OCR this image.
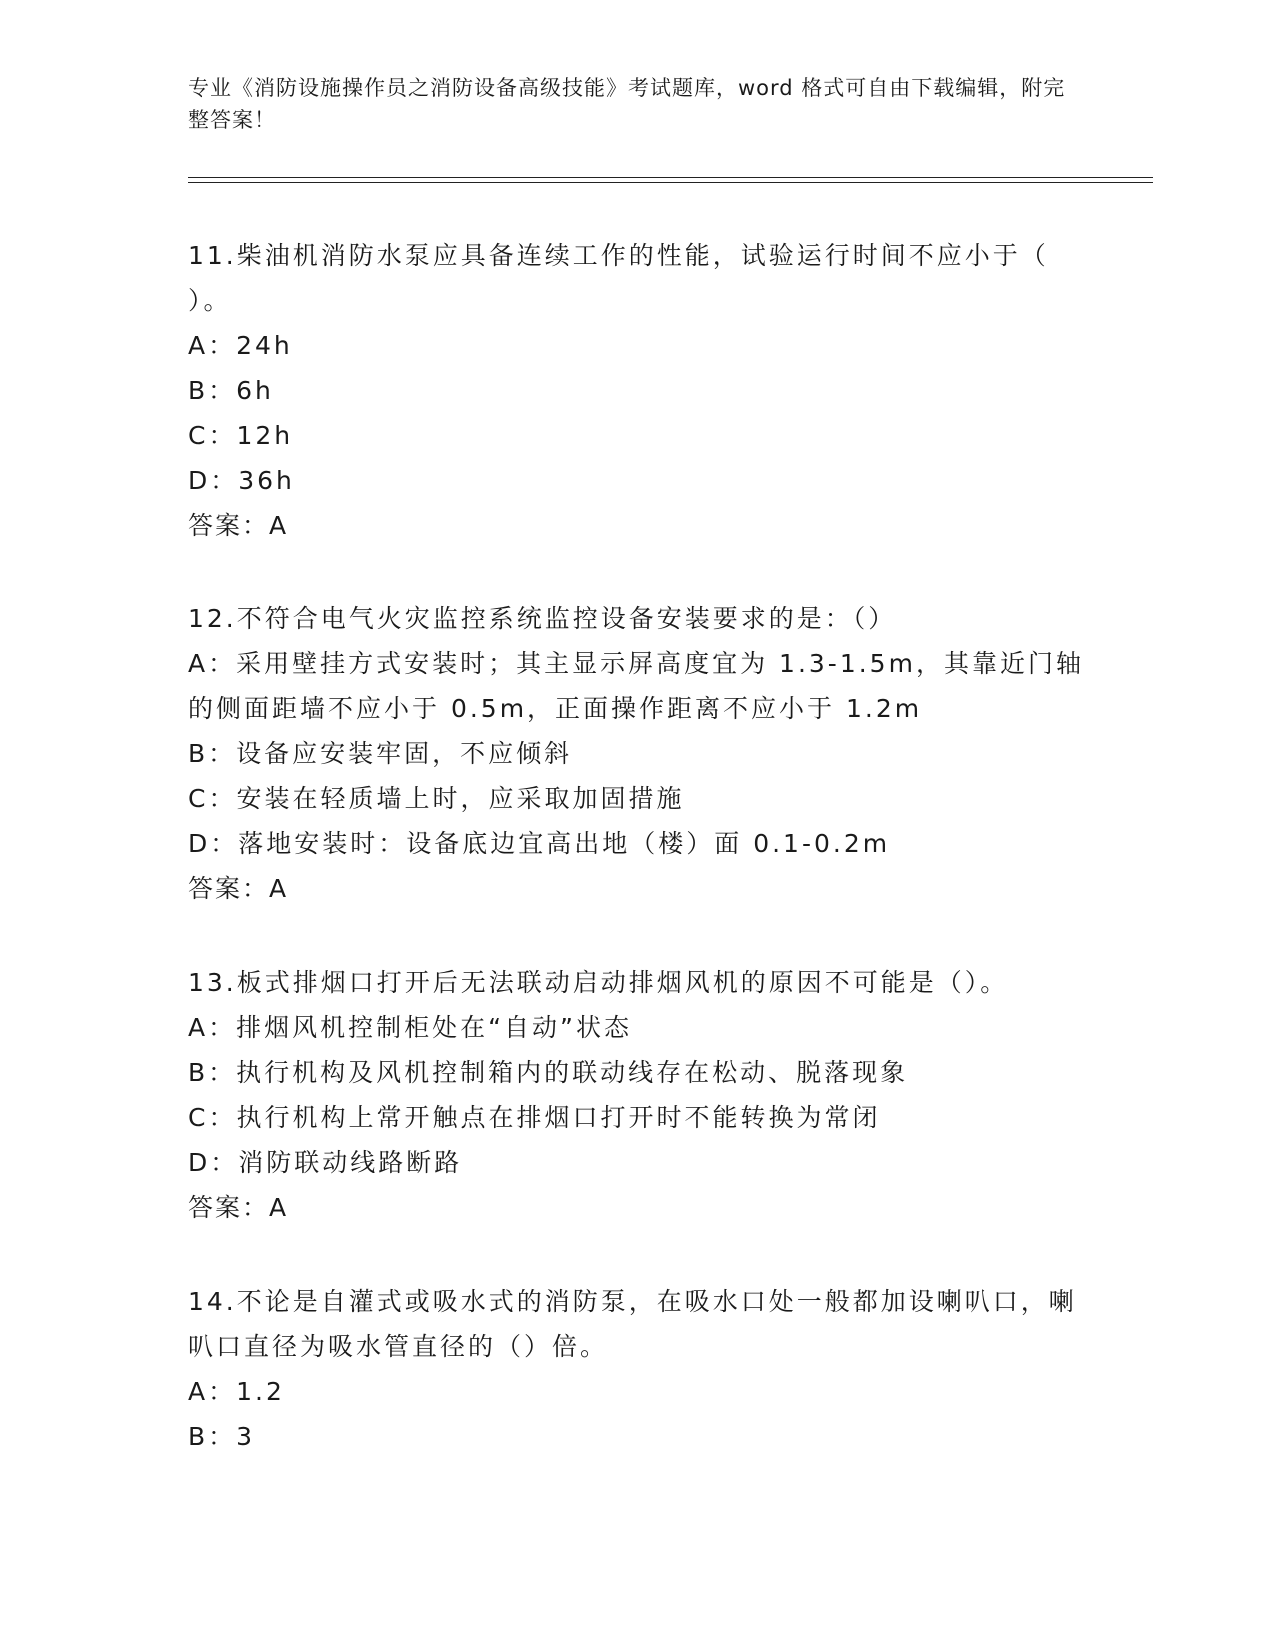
专业《消防设施操作员之消防设备高级技能》考试题库，word 格式可自由下载编辑，附完整答案！
11.柴油机消防水泵应具备连续工作的性能，试验运行时间不应小于（ ）。
A：24h
B：6h
C：12h
D：36h
答案：A
12.不符合电气火灾监控系统监控设备安装要求的是：（）
A：采用壁挂方式安装时；其主显示屏高度宜为 1.3-1.5m，其靠近门轴的侧面距墙不应小于 0.5m，正面操作距离不应小于 1.2m
B：设备应安装牢固，不应倾斜
C：安装在轻质墙上时，应采取加固措施
D：落地安装时：设备底边宜高出地（楼）面 0.1-0.2m
答案：A
13.板式排烟口打开后无法联动启动排烟风机的原因不可能是（）。
A：排烟风机控制柜处在“自动”状态
B：执行机构及风机控制箱内的联动线存在松动、脱落现象
C：执行机构上常开触点在排烟口打开时不能转换为常闭
D：消防联动线路断路
答案：A
14.不论是自灌式或吸水式的消防泵，在吸水口处一般都加设喇叭口，喇叭口直径为吸水管直径的（）倍。
A：1.2
B：3
